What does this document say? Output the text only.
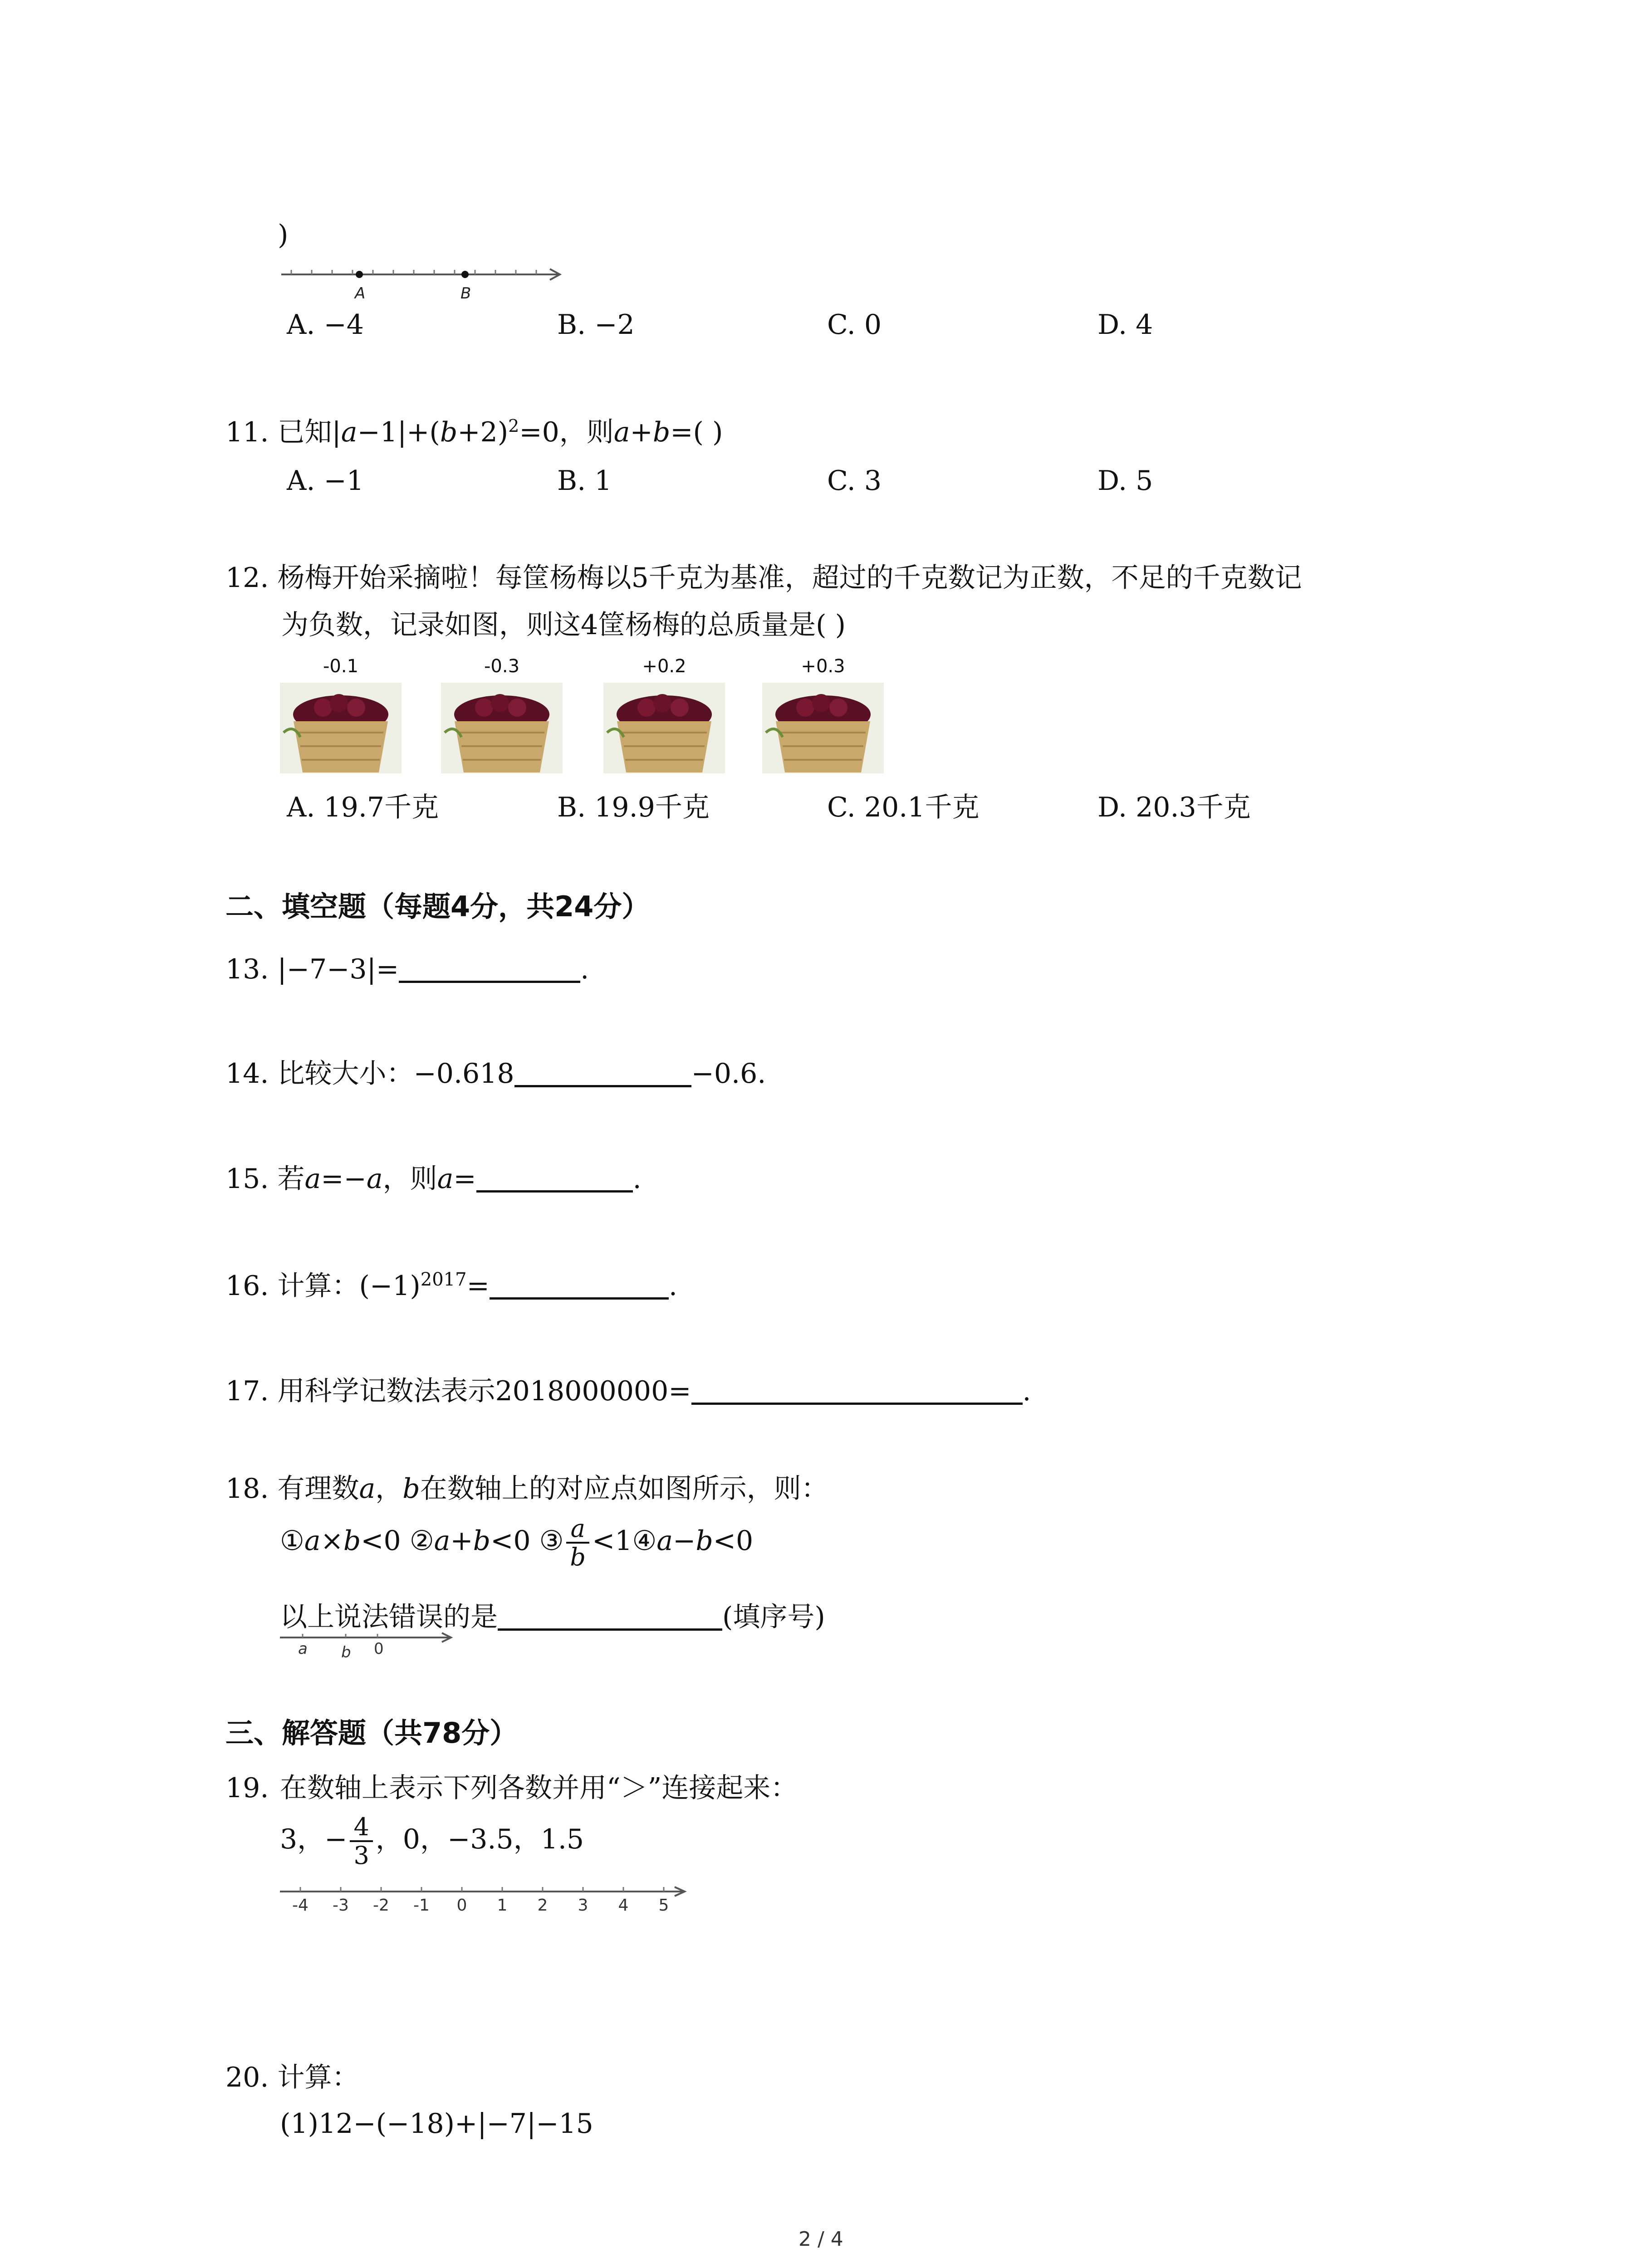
)
A	B
A. −4	B. −2	C. 0	D. 4
11. 已知$|a-1|+(b+2)^2=0$，则a+b=( )
A. −1	B. 1	C. 3	D. 5
12. 杨梅开始采摘啦！每筐杨梅以5千克为基准，超过的千克数记为正数，不足的千克数记
为负数，记录如图，则这4筐杨梅的总质量是( )
-0.1	-0.3	+0.2	+0.3
A. 19.7千克	B. 19.9千克	C. 20.1千克	D. 20.3千克
二、填空题（每题4分，共24分）
13. |−7−3|=	.
14. 比较大小：−0.618	−0.6.
15. 若a=−a，则a=	.
16. 计算：$(-1)^{2017}=$	.
17. 用科学记数法表示2018000000=	.
18. 有理数a，b在数轴上的对应点如图所示，则：
①a×b<0 ②a+b<0 ③ $\frac{a}{b}$ <1④a−b<0
以上说法错误的是	(填序号)
a b 0
三、解答题（共78分）
19. 在数轴上表示下列各数并用“＞”连接起来：
3，− $\frac{4}{3}$ ，0，−3.5，1.5
-4 -3 -2 -1 0 1 2 3 4 5
20. 计算：
(1)12−(−18)+|−7|−15
2 / 4
